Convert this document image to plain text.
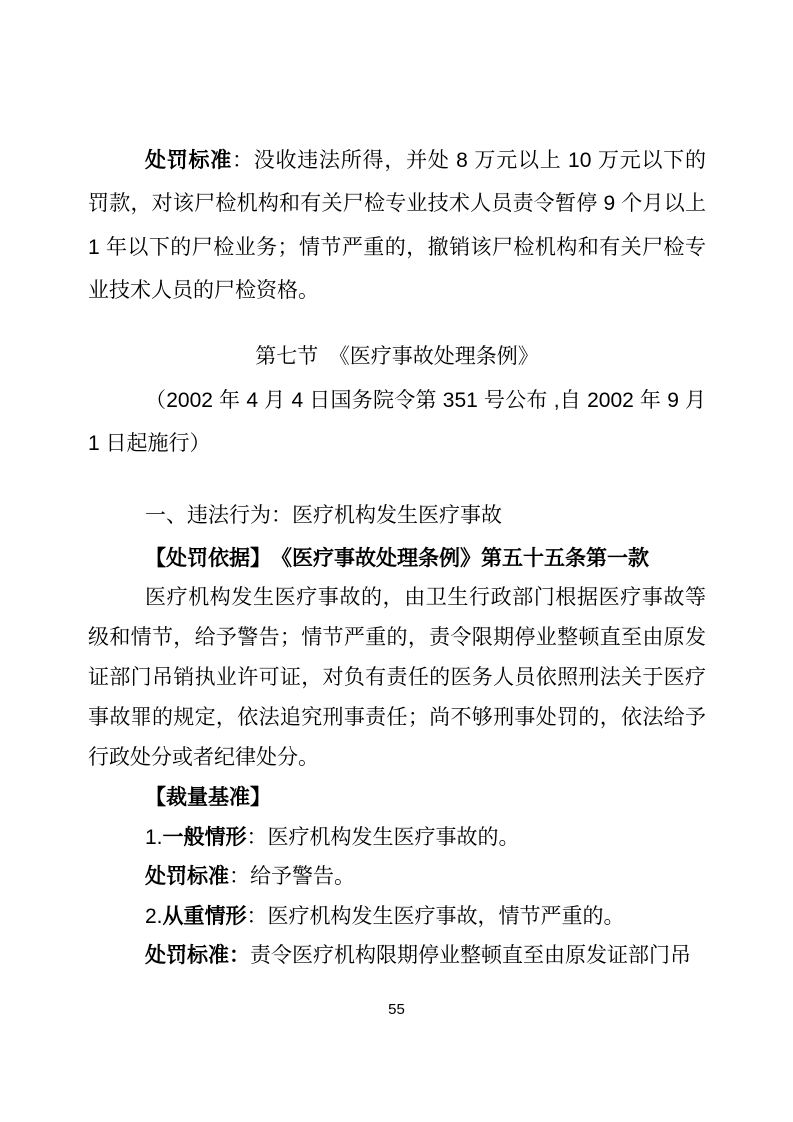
处罚标准：没收违法所得，并处 8 万元以上 10 万元以下的罚款，对该尸检机构和有关尸检专业技术人员责令暂停 9 个月以上 1 年以下的尸检业务；情节严重的，撤销该尸检机构和有关尸检专业技术人员的尸检资格。

第七节　《医疗事故处理条例》

（2002 年 4 月 4 日国务院令第 351 号公布 ,自 2002 年 9 月 1 日起施行）

一、违法行为：医疗机构发生医疗事故

【处罚依据】　《医疗事故处理条例》第五十五条第一款

医疗机构发生医疗事故的，由卫生行政部门根据医疗事故等级和情节，给予警告；情节严重的，责令限期停业整顿直至由原发证部门吊销执业许可证，对负有责任的医务人员依照刑法关于医疗事故罪的规定，依法追究刑事责任；尚不够刑事处罚的，依法给予行政处分或者纪律处分。

【裁量基准】

1.一般情形：医疗机构发生医疗事故的。

处罚标准：给予警告。

2.从重情形：医疗机构发生医疗事故，情节严重的。

处罚标准：责令医疗机构限期停业整顿直至由原发证部门吊

55
